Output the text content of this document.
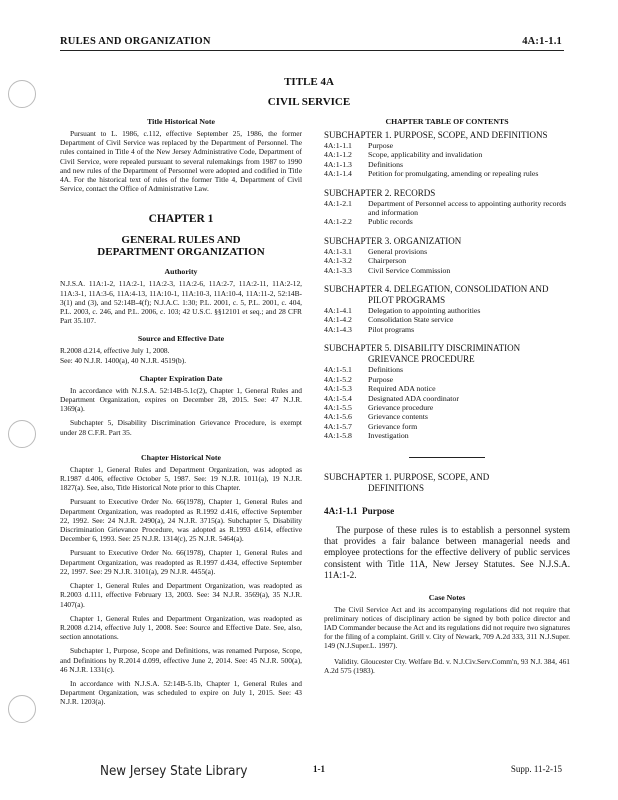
RULES AND ORGANIZATION	4A:1-1.1
TITLE 4A
CIVIL SERVICE

Title Historical Note

Pursuant to L. 1986, c.112, effective September 25, 1986, the former Department of Civil Service was replaced by the Department of Personnel. The rules contained in Title 4 of the New Jersey Administrative Code, Department of Civil Service, were repealed pursuant to several rulemakings from 1987 to 1990 and new rules of the Department of Personnel were adopted and codified in Title 4A. For the historical text of rules of the former Title 4, Department of Civil Service, contact the Office of Administrative Law.

CHAPTER 1

GENERAL RULES AND

DEPARTMENT ORGANIZATION

Authority

N.J.S.A. 11A:1-2, 11A:2-1, 11A:2-3, 11A:2-6, 11A:2-7, 11A:2-11, 11A:2-12, 11A:3-1, 11A:3-6, 11A:4-13, 11A:10-1, 11A:10-3, 11A:10-4, 11A:11-2, 52:14B-3(1) and (3), and 52:14B-4(f); N.J.A.C. 1:30; P.L. 2001, c. 5, P.L. 2001, c. 404, P.L. 2003, c. 246, and P.L. 2006, c. 103; 42 U.S.C. §§12101 et seq.; and 28 CFR Part 35.107.

Source and Effective Date

R.2008 d.214, effective July 1, 2008.

See: 40 N.J.R. 1400(a), 40 N.J.R. 4519(b).

Chapter Expiration Date

In accordance with N.J.S.A. 52:14B-5.1c(2), Chapter 1, General Rules and Department Organization, expires on December 28, 2015. See: 47 N.J.R. 1369(a).

Subchapter 5, Disability Discrimination Grievance Procedure, is exempt under 28 C.F.R. Part 35.

Chapter Historical Note

Chapter 1, General Rules and Department Organization, was adopted as R.1987 d.406, effective October 5, 1987. See: 19 N.J.R. 1011(a), 19 N.J.R. 1827(a). See, also, Title Historical Note prior to this Chapter.

Pursuant to Executive Order No. 66(1978), Chapter 1, General Rules and Department Organization, was readopted as R.1992 d.416, effective September 22, 1992. See: 24 N.J.R. 2490(a), 24 N.J.R. 3715(a). Subchapter 5, Disability Discrimination Grievance Procedure, was adopted as R.1993 d.614, effective December 6, 1993. See: 25 N.J.R. 1314(c), 25 N.J.R. 5464(a).

Pursuant to Executive Order No. 66(1978), Chapter 1, General Rules and Department Organization, was readopted as R.1997 d.434, effective September 22, 1997. See: 29 N.J.R. 3101(a), 29 N.J.R. 4455(a).

Chapter 1, General Rules and Department Organization, was readopted as R.2003 d.111, effective February 13, 2003. See: 34 N.J.R. 3569(a), 35 N.J.R. 1407(a).

Chapter 1, General Rules and Department Organization, was readopted as R.2008 d.214, effective July 1, 2008. See: Source and Effective Date. See, also, section annotations.

Subchapter 1, Purpose, Scope and Definitions, was renamed Purpose, Scope, and Definitions by R.2014 d.099, effective June 2, 2014. See: 45 N.J.R. 500(a), 46 N.J.R. 1331(c).

In accordance with N.J.S.A. 52:14B-5.1b, Chapter 1, General Rules and Department Organization, was scheduled to expire on July 1, 2015. See: 43 N.J.R. 1203(a).

CHAPTER TABLE OF CONTENTS

SUBCHAPTER 1. PURPOSE, SCOPE, AND DEFINITIONS

4A:1-1.1	Purpose
4A:1-1.2	Scope, applicability and invalidation
4A:1-1.3	Definitions
4A:1-1.4	Petition for promulgating, amending or repealing rules

SUBCHAPTER 2. RECORDS

4A:1-2.1	Department of Personnel access to appointing authority records and information
4A:1-2.2	Public records

SUBCHAPTER 3. ORGANIZATION

4A:1-3.1	General provisions
4A:1-3.2	Chairperson
4A:1-3.3	Civil Service Commission

SUBCHAPTER 4. DELEGATION, CONSOLIDATION AND

PILOT PROGRAMS

4A:1-4.1	Delegation to appointing authorities
4A:1-4.2	Consolidation State service
4A:1-4.3	Pilot programs

SUBCHAPTER 5. DISABILITY DISCRIMINATION

GRIEVANCE PROCEDURE

4A:1-5.1	Definitions
4A:1-5.2	Purpose
4A:1-5.3	Required ADA notice
4A:1-5.4	Designated ADA coordinator
4A:1-5.5	Grievance procedure
4A:1-5.6	Grievance contents
4A:1-5.7	Grievance form
4A:1-5.8	Investigation

SUBCHAPTER 1. PURPOSE, SCOPE, AND

DEFINITIONS

4A:1-1.1 Purpose

The purpose of these rules is to establish a personnel system that provides a fair balance between managerial needs and employee protections for the effective delivery of public services consistent with Title 11A, New Jersey Statutes. See N.J.S.A. 11A:1-2.

Case Notes

The Civil Service Act and its accompanying regulations did not require that preliminary notices of disciplinary action be signed by both police director and IAD Commander because the Act and its regulations did not require two signatures for the filing of a complaint. Grill v. City of Newark, 709 A.2d 333, 311 N.J.Super. 149 (N.J.Super.L. 1997).

Validity. Gloucester Cty. Welfare Bd. v. N.J.Civ.Serv.Comm'n, 93 N.J. 384, 461 A.2d 575 (1983).

New Jersey State Library	1-1	Supp. 11-2-15
